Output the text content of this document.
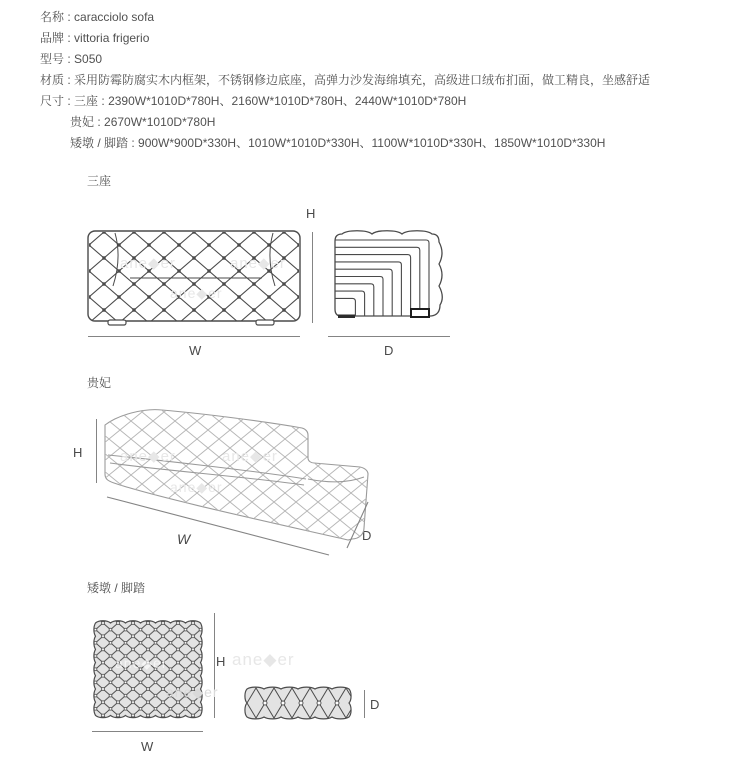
名称 : caracciolo sofa
品牌 : vittoria frigerio
型号 : S050
材质 : 采用防霉防腐实木内框架，不锈钢修边底座，高弹力沙发海绵填充，高级进口绒布扪面，做工精良，坐感舒适
尺寸 : 三座 : 2390W*1010D*780H、2160W*1010D*780H、2440W*1010D*780H
贵妃 : 2670W*1010D*780H
矮墩 / 脚踏 : 900W*900D*330H、1010W*1010D*330H、1100W*1010D*330H、1850W*1010D*330H
三座
H
W	D
贵妃
H
W	D
矮墩 / 脚踏
H
W
D
ane◆er	ane◆er
ane◆er
ane◆er	ane◆er
ane◆er
ane◆er
ane◆er
ane◆er
